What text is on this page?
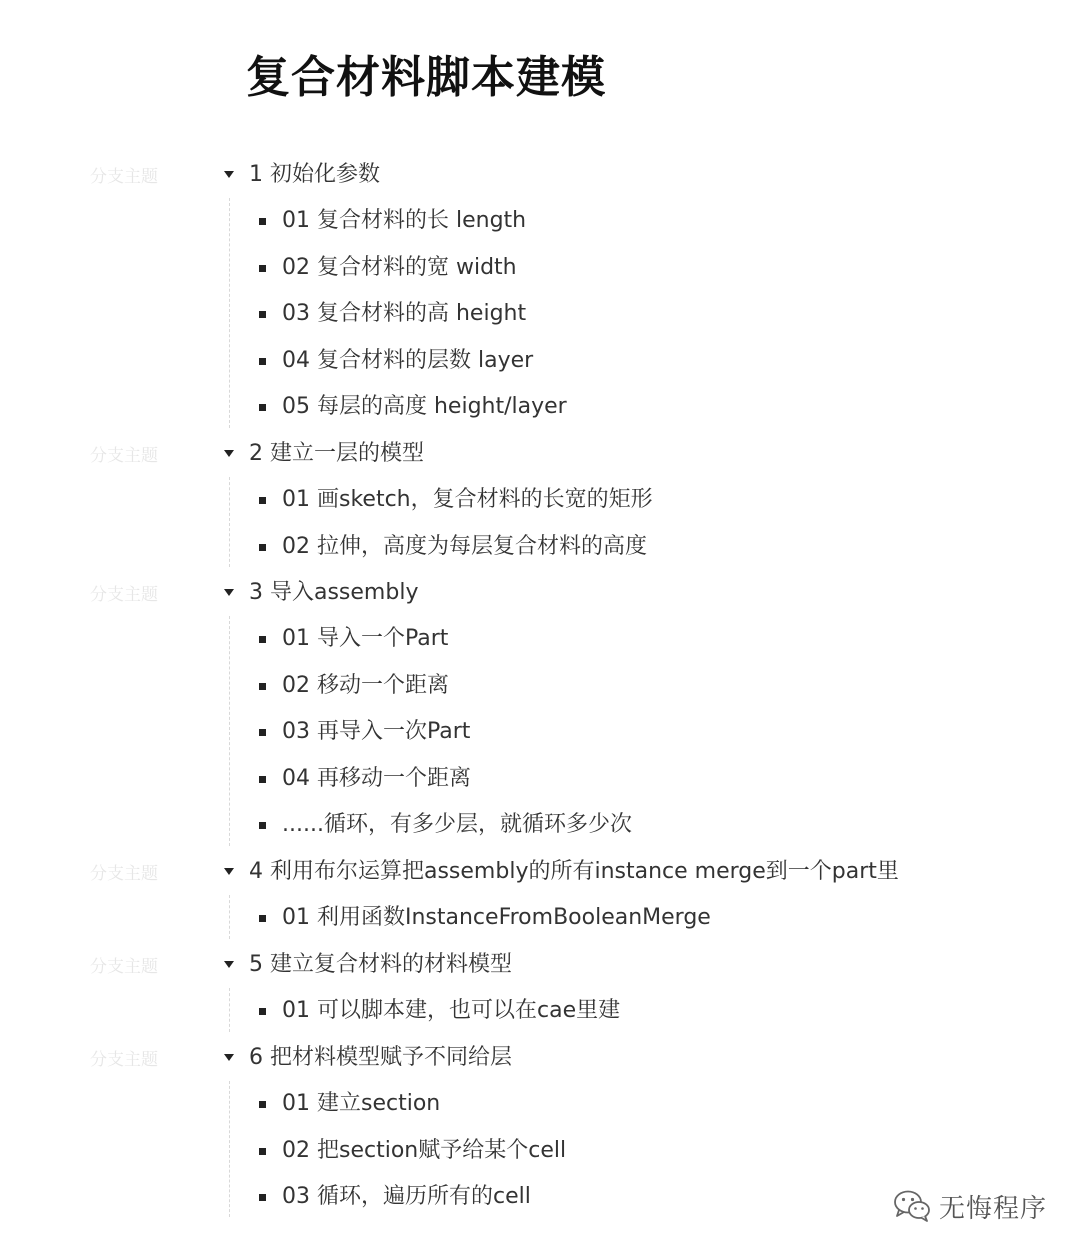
复合材料脚本建模
分支主题	1 初始化参数
01 复合材料的长 length
02 复合材料的宽 width
03 复合材料的高 height
04 复合材料的层数 layer
05 每层的高度 height/layer
分支主题	2 建立一层的模型
01 画sketch，复合材料的长宽的矩形
02 拉伸，高度为每层复合材料的高度
分支主题	3 导入assembly
01 导入一个Part
02 移动一个距离
03 再导入一次Part
04 再移动一个距离
......循环，有多少层，就循环多少次
分支主题	4 利用布尔运算把assembly的所有instance merge到一个part里
01 利用函数InstanceFromBooleanMerge
分支主题	5 建立复合材料的材料模型
01 可以脚本建，也可以在cae里建
分支主题	6 把材料模型赋予不同给层
01 建立section
02 把section赋予给某个cell
03 循环，遍历所有的cell	无悔程序
